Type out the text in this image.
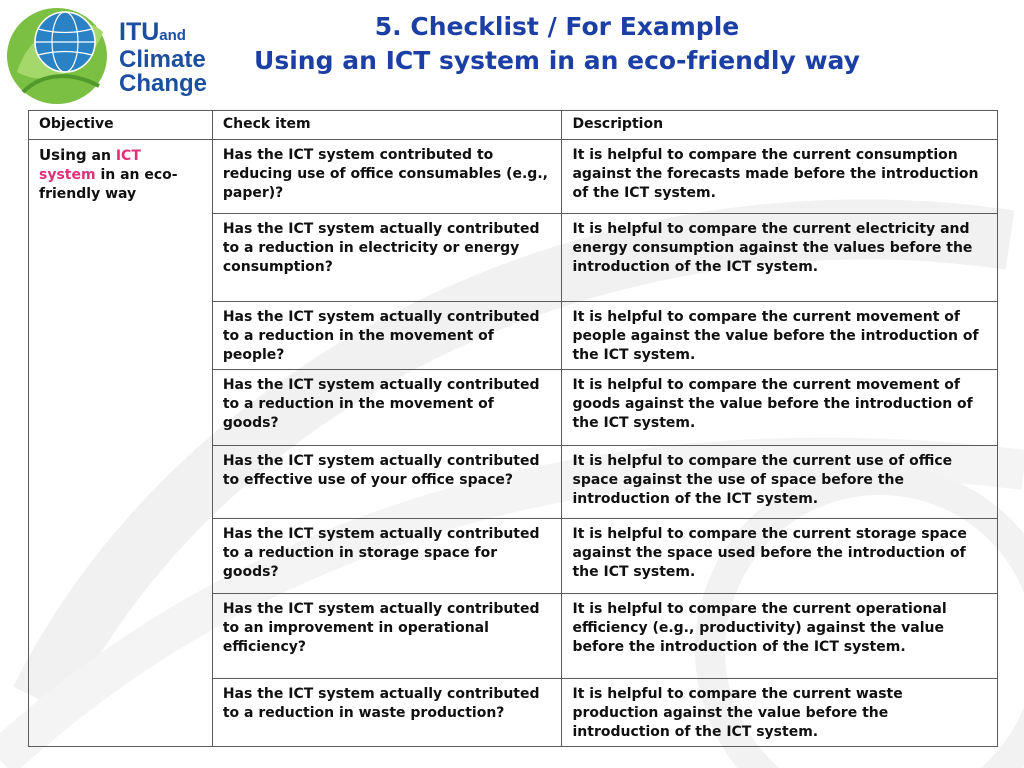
ITUand
Climate
Change
5. Checklist / For Example
Using an ICT system in an eco-friendly way
Objective	Check item	Description
Using an ICT system in an eco-friendly way	Has the ICT system contributed to reducing use of office consumables (e.g., paper)?	It is helpful to compare the current consumption against the forecasts made before the introduction of the ICT system.
	Has the ICT system actually contributed to a reduction in electricity or energy consumption?	It is helpful to compare the current electricity and energy consumption against the values before the introduction of the ICT system.
	Has the ICT system actually contributed to a reduction in the movement of people?	It is helpful to compare the current movement of people against the value before the introduction of the ICT system.
	Has the ICT system actually contributed to a reduction in the movement of goods?	It is helpful to compare the current movement of goods against the value before the introduction of the ICT system.
	Has the ICT system actually contributed to effective use of your office space?	It is helpful to compare the current use of office space against the use of space before the introduction of the ICT system.
	Has the ICT system actually contributed to a reduction in storage space for goods?	It is helpful to compare the current storage space against the space used before the introduction of the ICT system.
	Has the ICT system actually contributed to an improvement in operational efficiency?	It is helpful to compare the current operational efficiency (e.g., productivity) against the value before the introduction of the ICT system.
	Has the ICT system actually contributed to a reduction in waste production?	It is helpful to compare the current waste production against the value before the introduction of the ICT system.
